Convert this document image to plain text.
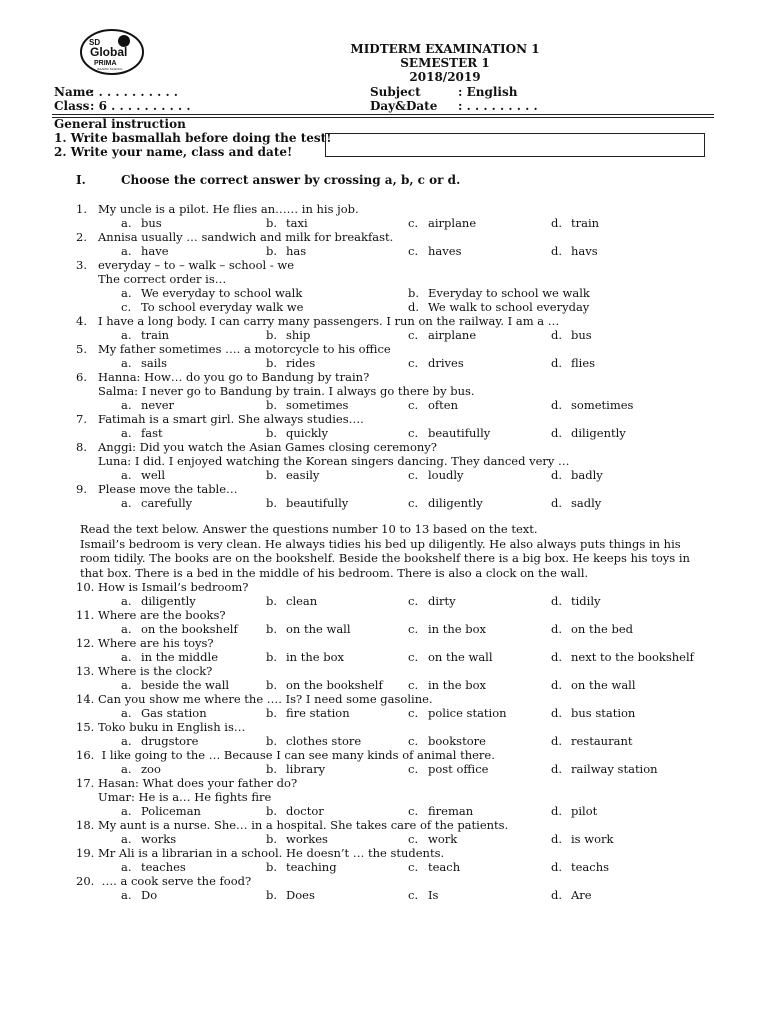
SD
Global
PRIMA
ISLAMIC SCHOOL
MIDTERM EXAMINATION 1
SEMESTER 1
2018/2019
Name
: . . . . . . . . . .
Class : 6 . . . . . . . . . .
Subject	: English
Day&Date : . . . . . . . . .
General instruction
1. Write basmallah before doing the test!
2. Write your name, class and date!
I.	Choose the correct answer by crossing a, b, c or d.
1. My uncle is a pilot. He flies an…… in his job.
a. bus	b. taxi	c. airplane	d. train
2. Annisa usually … sandwich and milk for breakfast.
a. have	b. has	c. haves	d. havs
3. everyday – to – walk – school - we
The correct order is…
a. We everyday to school walk	b. Everyday to school we walk
c. To school everyday walk we	d. We walk to school everyday
4. I have a long body. I can carry many passengers. I run on the railway. I am a …
a. train	b. ship	c. airplane	d. bus
5. My father sometimes …. a motorcycle to his office
a. sails	b. rides	c. drives	d. flies
6. Hanna: How… do you go to Bandung by train?
Salma: I never go to Bandung by train. I always go there by bus.
a. never	b. sometimes	c. often	d. sometimes
7. Fatimah is a smart girl. She always studies….
a. fast	b. quickly	c. beautifully	d. diligently
8. Anggi: Did you watch the Asian Games closing ceremony?
Luna: I did. I enjoyed watching the Korean singers dancing. They danced very …
a. well	b. easily	c. loudly	d. badly
9. Please move the table…
a. carefully	b. beautifully	c. diligently	d. sadly
10. How is Ismail’s bedroom?
a. diligently	b. clean	c. dirty	d. tidily
11. Where are the books?
a. on the bookshelf b. on the wall	c. in the box	d. on the bed
12. Where are his toys?
a. in the middle	b. in the box	c. on the wall	d. next to the bookshelf
13. Where is the clock?
a. beside the wall	b. on the bookshelf c. in the box	d. on the wall
14. Can you show me where the …. Is? I need some gasoline.
a. Gas station	b. fire station	c. police station	d. bus station
15. Toko buku in English is…
a. drugstore	b. clothes store	c. bookstore	d. restaurant
16. I like going to the … Because I can see many kinds of animal there.
a. zoo	b. library	c. post office	d. railway station
17. Hasan: What does your father do?
Umar: He is a… He fights fire
a. Policeman	b. doctor	c. fireman	d. pilot
18. My aunt is a nurse. She… in a hospital. She takes care of the patients.
a. works	b. workes	c. work	d. is work
19. Mr Ali is a librarian in a school. He doesn’t … the students.
a. teaches	b. teaching	c. teach	d. teachs
20. …. a cook serve the food?
a. Do	b. Does	c. Is	d. Are
Read the text below. Answer the questions number 10 to 13 based on the text.
Ismail’s bedroom is very clean. He always tidies his bed up diligently. He also always puts things in his
room tidily. The books are on the bookshelf. Beside the bookshelf there is a big box. He keeps his toys in
that box. There is a bed in the middle of his bedroom. There is also a clock on the wall.
